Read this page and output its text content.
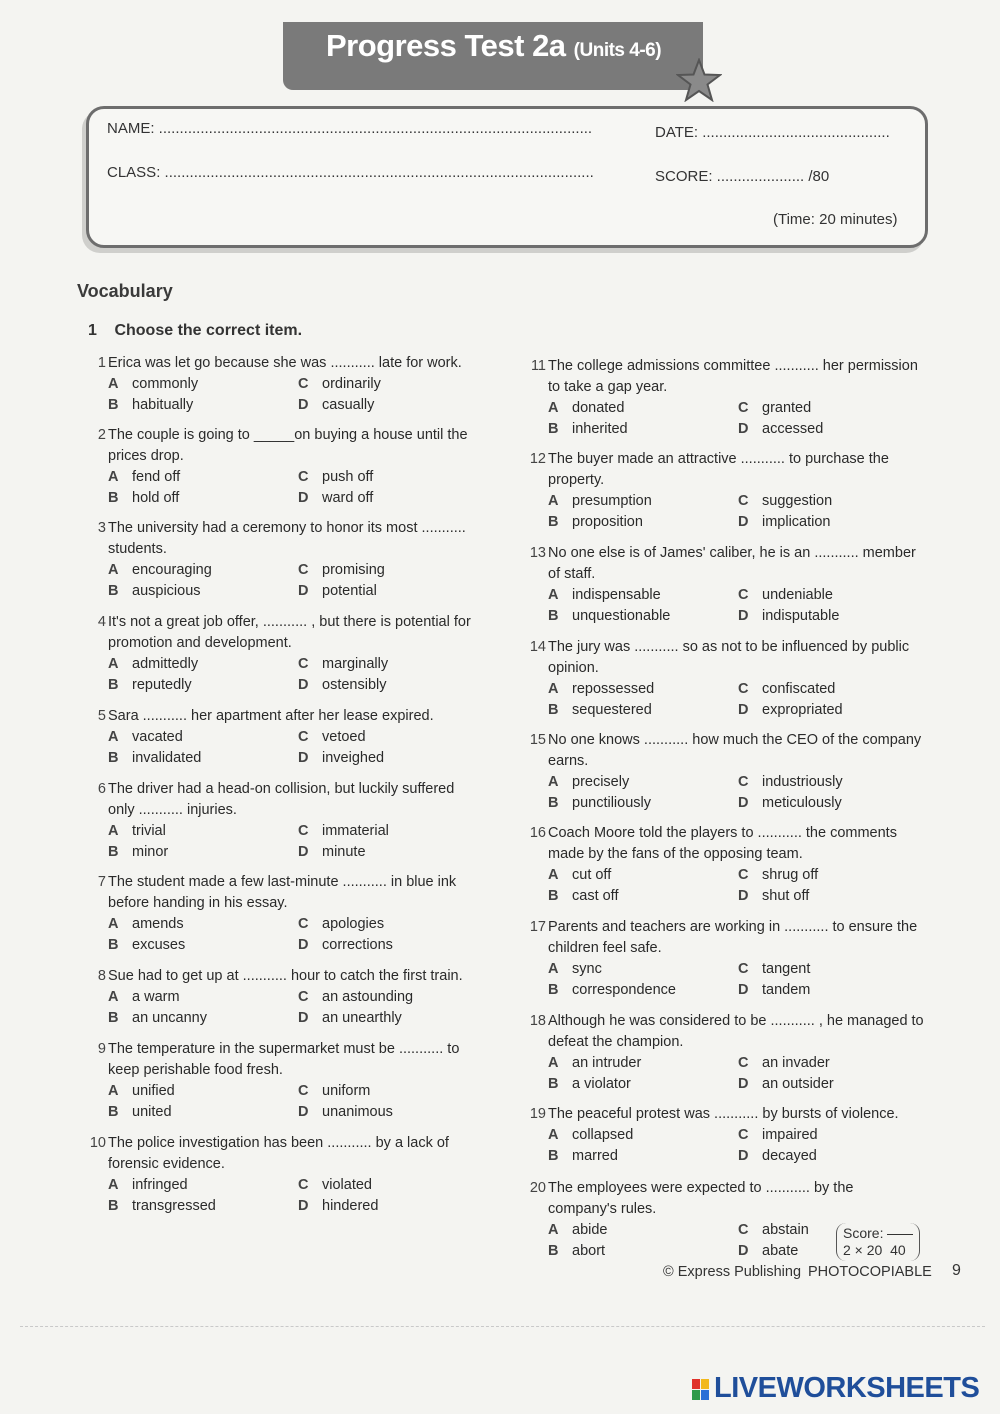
Progress Test 2a (Units 4-6)
NAME: ........................................................................................................	DATE: .............................................
CLASS: .......................................................................................................	SCORE: ..................... /80
(Time: 20 minutes)
Vocabulary
1 Choose the correct item.
1 Erica was let go because she was ........... late for work.
A commonly	C ordinarily
B habitually	D casually
2 The couple is going to _____on buying a house until the prices drop.
A fend off	C push off
B hold off	D ward off
3 The university had a ceremony to honor its most ........... students.
A encouraging	C promising
B auspicious	D potential
4 It's not a great job offer, ........... , but there is potential for promotion and development.
A admittedly	C marginally
B reputedly	D ostensibly
5 Sara ........... her apartment after her lease expired.
A vacated	C vetoed
B invalidated	D inveighed
6 The driver had a head-on collision, but luckily suffered only ........... injuries.
A trivial	C immaterial
B minor	D minute
7 The student made a few last-minute ........... in blue ink before handing in his essay.
A amends	C apologies
B excuses	D corrections
8 Sue had to get up at ........... hour to catch the first train.
A a warm	C an astounding
B an uncanny	D an unearthly
9 The temperature in the supermarket must be ........... to keep perishable food fresh.
A unified	C uniform
B united	D unanimous
10 The police investigation has been ........... by a lack of forensic evidence.
A infringed	C violated
B transgressed	D hindered
11 The college admissions committee ........... her permission to take a gap year.
A donated	C granted
B inherited	D accessed
12 The buyer made an attractive ........... to purchase the property.
A presumption	C suggestion
B proposition	D implication
13 No one else is of James' caliber, he is an ........... member of staff.
A indispensable	C undeniable
B unquestionable	D indisputable
14 The jury was ........... so as not to be influenced by public opinion.
A repossessed	C confiscated
B sequestered	D expropriated
15 No one knows ........... how much the CEO of the company earns.
A precisely	C industriously
B punctiliously	D meticulously
16 Coach Moore told the players to ........... the comments made by the fans of the opposing team.
A cut off	C shrug off
B cast off	D shut off
17 Parents and teachers are working in ........... to ensure the children feel safe.
A sync	C tangent
B correspondence	D tandem
18 Although he was considered to be ........... , he managed to defeat the champion.
A an intruder	C an invader
B a violator	D an outsider
19 The peaceful protest was ........... by bursts of violence.
A collapsed	C impaired
B marred	D decayed
20 The employees were expected to ........... by the company's rules.
A abide	C abstain
B abort	D abate
Score:
2 × 20 40
© Express Publishing PHOTOCOPIABLE 9
LIVEWORKSHEETS
